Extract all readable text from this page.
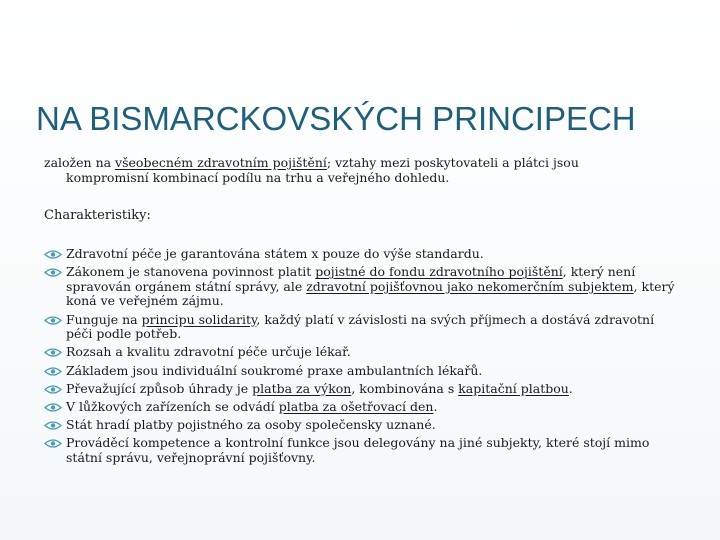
NA BISMARCKOVSKÝCH PRINCIPECH
založen na všeobecném zdravotním pojištění; vztahy mezi poskytovateli a plátci jsou
kompromisní kombinací podílu na trhu a veřejného dohledu.
Charakteristiky:
Zdravotní péče je garantována státem x pouze do výše standardu.
Zákonem je stanovena povinnost platit pojistné do fondu zdravotního pojištění, který není spravován orgánem státní správy, ale zdravotní pojišťovnou jako nekomerčním subjektem, který koná ve veřejném zájmu.
Funguje na principu solidarity, každý platí v závislosti na svých příjmech a dostává zdravotní péči podle potřeb.
Rozsah a kvalitu zdravotní péče určuje lékař.
Základem jsou individuální soukromé praxe ambulantních lékařů.
Převažující způsob úhrady je platba za výkon, kombinována s kapitační platbou.
V lůžkových zařízeních se odvádí platba za ošetřovací den.
Stát hradí platby pojistného za osoby společensky uznané.
Prováděcí kompetence a kontrolní funkce jsou delegovány na jiné subjekty, které stojí mimo státní správu, veřejnoprávní pojišťovny.
